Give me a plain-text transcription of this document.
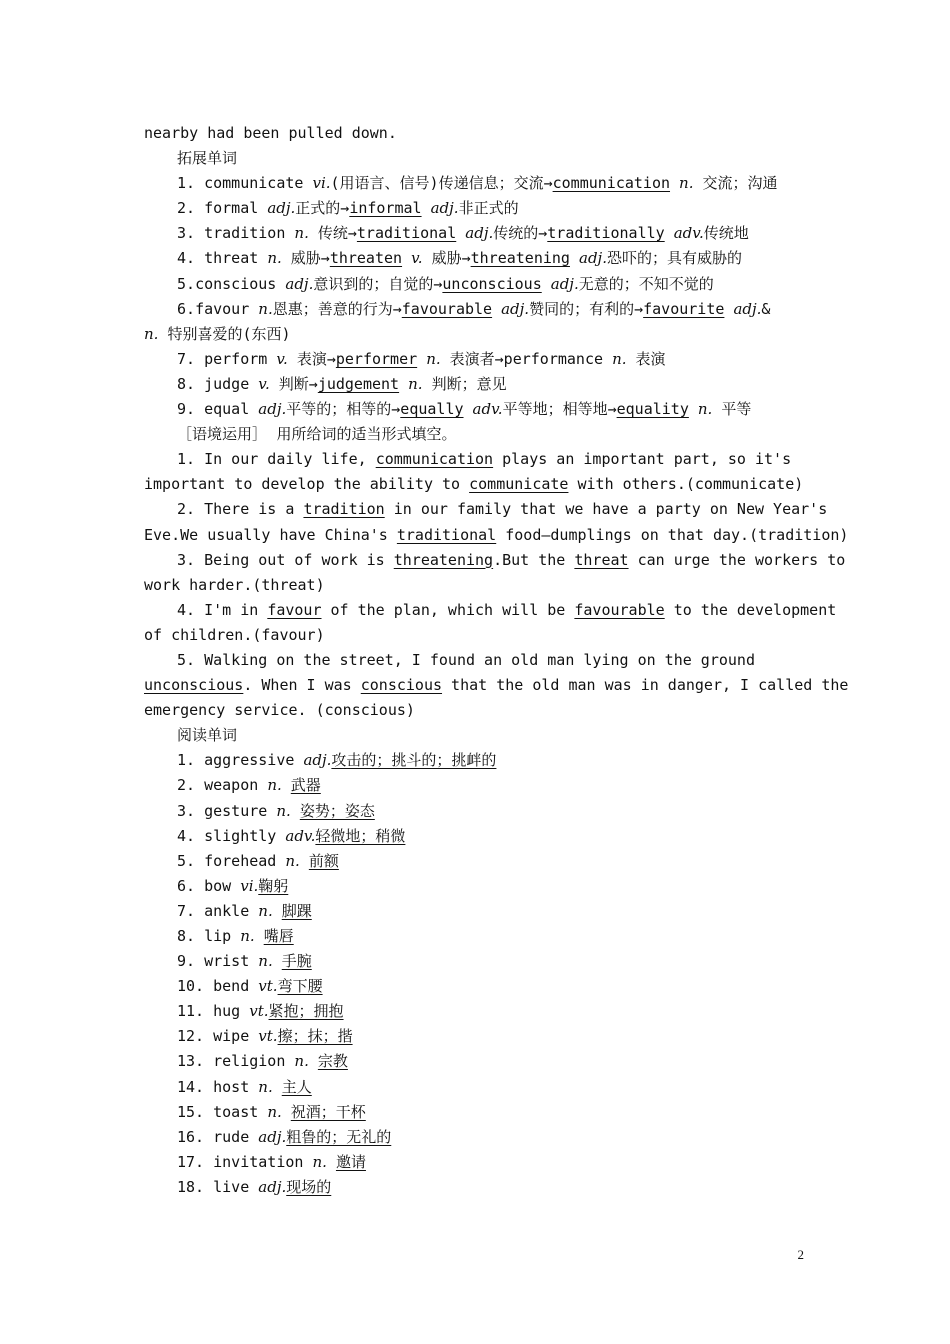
nearby had been pulled down.
拓展单词
1. communicate vi.(用语言、信号)传递信息；交流→communication n. 交流；沟通
2. formal adj.正式的→informal adj.非正式的
3. tradition n. 传统→traditional adj.传统的→traditionally adv.传统地
4. threat n. 威胁→threaten v. 威胁→threatening adj.恐吓的；具有威胁的
5.conscious adj.意识到的；自觉的→unconscious adj.无意的；不知不觉的
6.favour n.恩惠；善意的行为→favourable adj.赞同的；有利的→favourite adj.&
n. 特别喜爱的(东西)
7. perform v. 表演→performer n. 表演者→performance n. 表演
8. judge v. 判断→judgement n. 判断；意见
9. equal adj.平等的；相等的→equally adv.平等地；相等地→equality n. 平等
［语境运用］  用所给词的适当形式填空。
1. In our daily life, communication plays an important part, so it's
important to develop the ability to communicate with others.(communicate)
2. There is a tradition in our family that we have a party on New Year's
Eve.We usually have China's traditional food—dumplings on that day.(tradition)
3. Being out of work is threatening.But the threat can urge the workers to
work harder.(threat)
4. I'm in favour of the plan, which will be favourable to the development
of children.(favour)
5. Walking on the street, I found an old man lying on the ground
unconscious. When I was conscious that the old man was in danger, I called the
emergency service. (conscious)
阅读单词
1. aggressive adj.攻击的；挑斗的；挑衅的
2. weapon n. 武器
3. gesture n. 姿势；姿态
4. slightly adv.轻微地；稍微
5. forehead n. 前额
6. bow vi.鞠躬
7. ankle n. 脚踝
8. lip n. 嘴唇
9. wrist n. 手腕
10. bend vt.弯下腰
11. hug vt.紧抱；拥抱
12. wipe vt.擦；抹；揩
13. religion n. 宗教
14. host n. 主人
15. toast n. 祝酒；干杯
16. rude adj.粗鲁的；无礼的
17. invitation n. 邀请
18. live adj.现场的
2
